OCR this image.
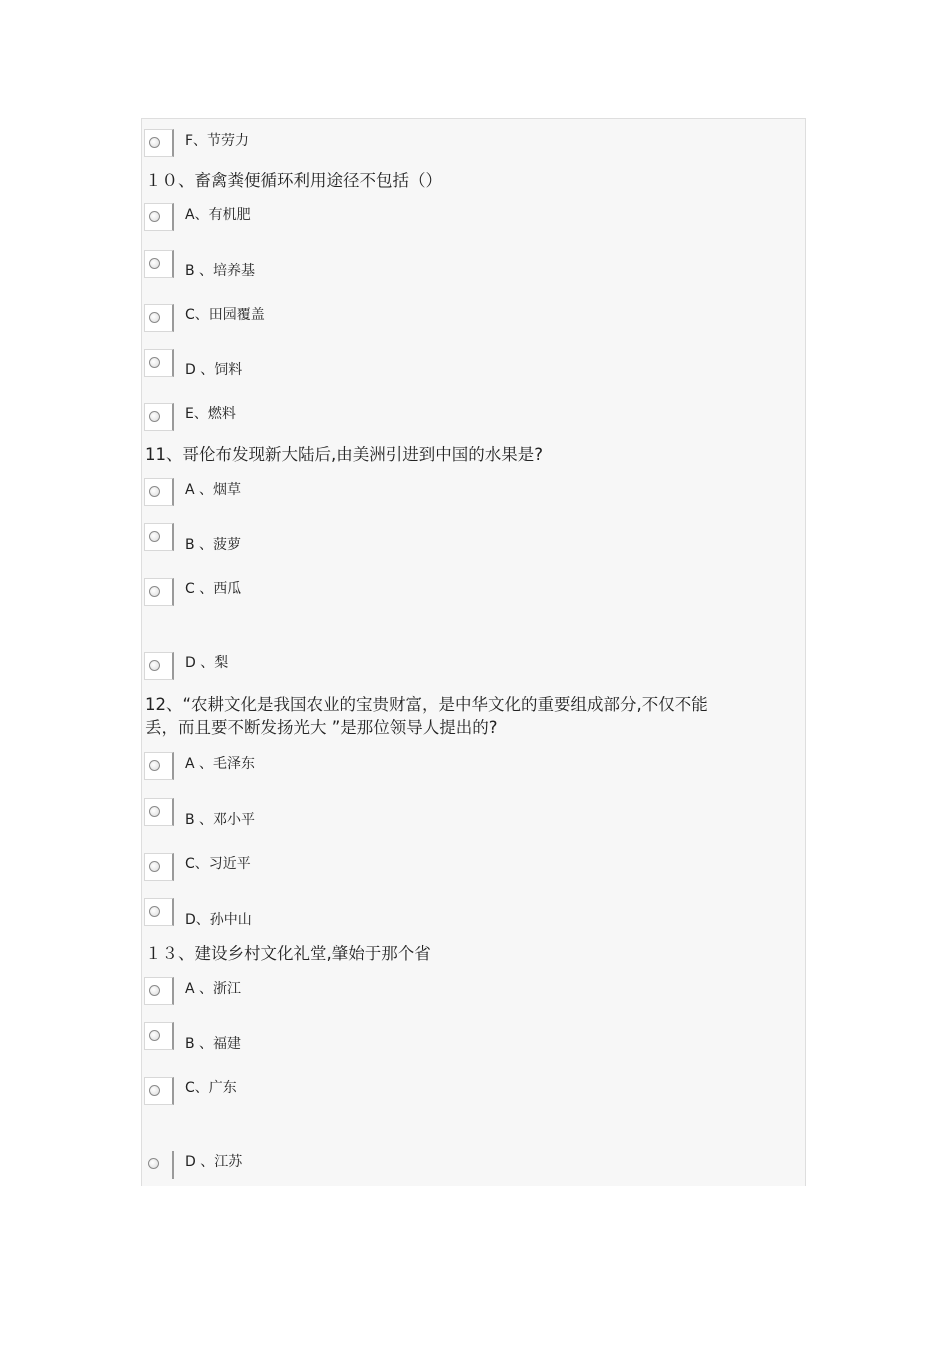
F、节劳力
１０、畜禽粪便循环利用途径不包括（）
A、有机肥
B 、培养基
C、田园覆盖
D 、饲料
E、燃料
11、哥伦布发现新大陆后,由美洲引进到中国的水果是?
A 、烟草
B 、菠萝
C 、西瓜
D 、梨
12、“农耕文化是我国农业的宝贵财富，是中华文化的重要组成部分,不仅不能
丢，而且要不断发扬光大 ”是那位领导人提出的?
A 、毛泽东
B 、邓小平
C、习近平
D、孙中山
１３、建设乡村文化礼堂,肇始于那个省
A 、浙江
B 、福建
C、广东
D 、江苏
